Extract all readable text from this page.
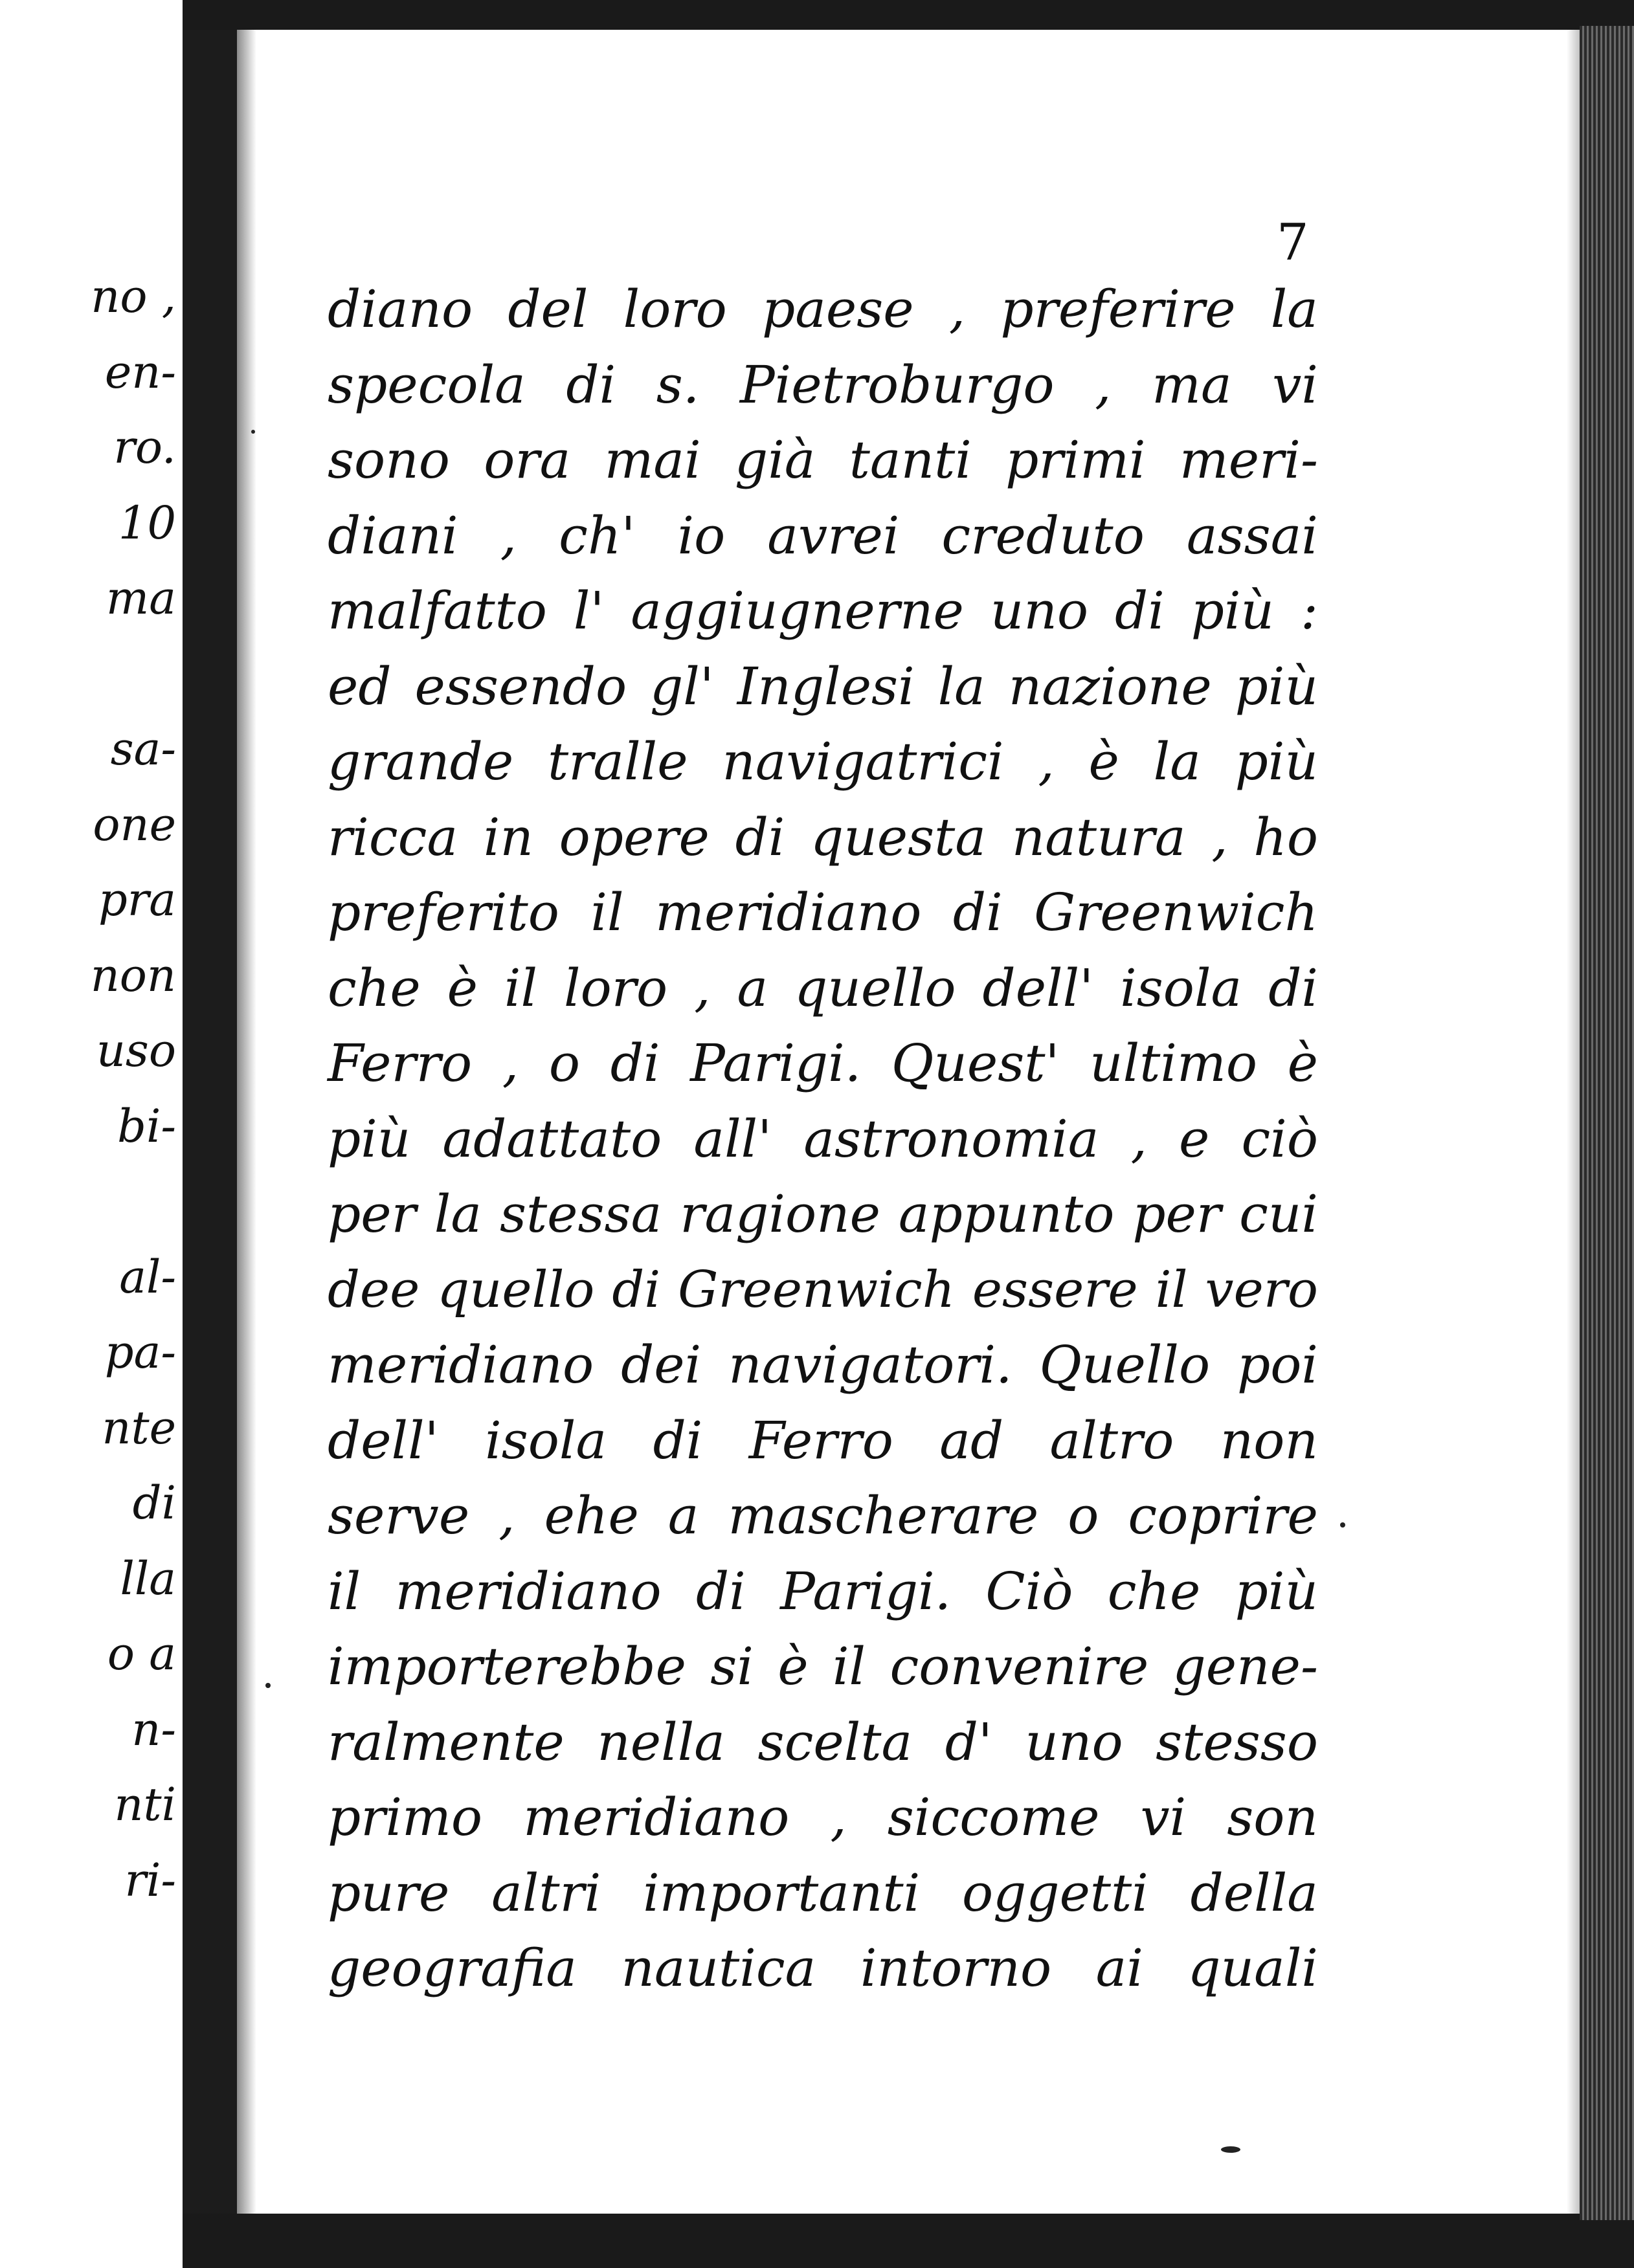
no ,
en-
ro.
10
ma

sa-
one
pra
non
uso
bi-

al-
pa-
nte
di
lla
o a
n-
nti
ri-
7
diano del loro paese , preferire la
specola di s. Pietroburgo , ma vi
sono ora mai già tanti primi meri-
diani , ch' io avrei creduto assai
malfatto l' aggiugnerne uno di più :
ed essendo gl' Inglesi la nazione più
grande tralle navigatrici , è la più
ricca in opere di questa natura , ho
preferito il meridiano di Greenwich
che è il loro , a quello dell' isola di
Ferro , o di Parigi. Quest' ultimo è
più adattato all' astronomia , e ciò
per la stessa ragione appunto per cui
dee quello di Greenwich essere il vero
meridiano dei navigatori. Quello poi
dell' isola di Ferro ad altro non
serve , ehe a mascherare o coprire
il meridiano di Parigi. Ciò che più
importerebbe si è il convenire gene-
ralmente nella scelta d' uno stesso
primo meridiano , siccome vi son
pure altri importanti oggetti della
geografia nautica intorno ai quali
